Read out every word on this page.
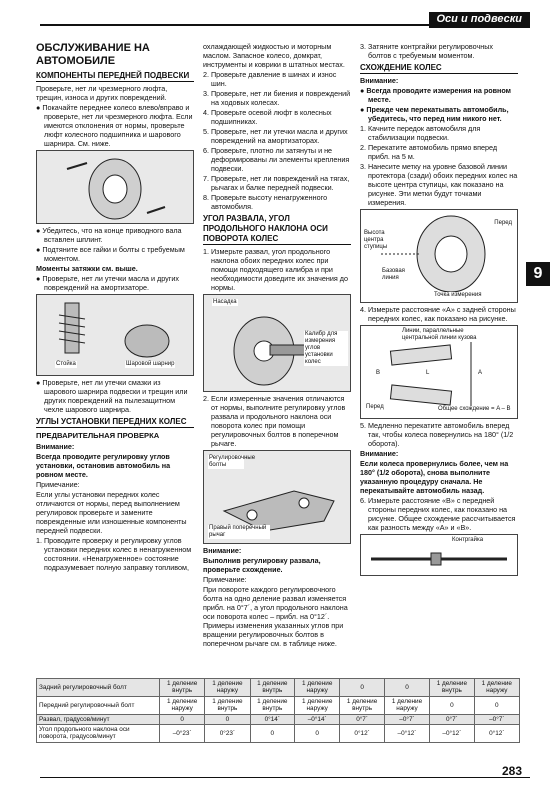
Оси и подвески
9
ОБСЛУЖИВАНИЕ НА АВТОМОБИЛЕ
КОМПОНЕНТЫ ПЕРЕДНЕЙ ПОДВЕСКИ

Проверьте, нет ли чрезмерного люфта, трещин, износа и других повреждений.

● Покачайте переднее колесо влево/вправо и проверьте, нет ли чрезмерного люфта. Если имеются отклонения от нормы, проверьте люфт колесного подшипника и шарового шарнира. См. ниже.

● Убедитесь, что на конце приводного вала вставлен шплинт.

● Подтяните все гайки и болты с требуемым моментом.

Моменты затяжки см. выше.

● Проверьте, нет ли утечки масла и других повреждений на амортизаторе.

Стойка	Шаровой шарнир

● Проверьте, нет ли утечки смазки из шарового шарнира подвески и трещин или других повреждений на пылезащитном чехле шарового шарнира.

УГЛЫ УСТАНОВКИ ПЕРЕДНИХ КОЛЕС
ПРЕДВАРИТЕЛЬНАЯ ПРОВЕРКА

Внимание:

Всегда проводите регулировку углов установки, остановив автомобиль на ровном месте.

Примечание:

Если углы установки передних колес отличаются от нормы, перед выполнением регулировок проверьте и замените поврежденные или изношенные компоненты передней подвески.

1. Проводите проверку и регулировку углов установки передних колес в ненагруженном состоянии. «Ненагруженное» состояние подразумевает полную заправку топливом,

охлаждающей жидкостью и моторным маслом. Запасное колесо, домкрат, инструменты и коврики в штатных местах.

2. Проверьте давление в шинах и износ шин.

3. Проверьте, нет ли биения и повреждений на ходовых колесах.

4. Проверьте осевой люфт в колесных подшипниках.

5. Проверьте, нет ли утечки масла и других повреждений на амортизаторах.

6. Проверьте, плотно ли затянуты и не деформированы ли элементы крепления подвески.

7. Проверьте, нет ли повреждений на тягах, рычагах и балке передней подвески.

8. Проверьте высоту ненагруженного автомобиля.

УГОЛ РАЗВАЛА, УГОЛ ПРОДОЛЬНОГО НАКЛОНА ОСИ ПОВОРОТА КОЛЕС

1. Измерьте развал, угол продольного наклона обоих передних колес при помощи подходящего калибра и при необходимости доведите их значения до нормы.

Насадка
Калибр для измерения углов установки колес

2. Если измеренные значения отличаются от нормы, выполните регулировку углов развала и продольного наклона оси поворота колес при помощи регулировочных болтов в поперечном рычаге.

Регулировочные болты
Правый поперечный рычаг

Внимание:

Выполнив регулировку развала, проверьте схождение.

Примечание:

При повороте каждого регулировочного болта на одно деление развал изменяется прибл. на 0°7´, а угол продольного наклона оси поворота колес – прибл. на 0°12´. Примеры изменения указанных углов при вращении регулировочных болтов в поперечном рычаге см. в таблице ниже.

3. Затяните контргайки регулировочных болтов с требуемым моментом.

СХОЖДЕНИЕ КОЛЕС

Внимание:

● Всегда проводите измерения на ровном месте.

● Прежде чем перекатывать автомобиль, убедитесь, что перед ним никого нет.

1. Качните передок автомобиля для стабилизации подвески.

2. Перекатите автомобиль прямо вперед прибл. на 5 м.

3. Нанесите метку на уровне базовой линии протектора (сзади) обоих передних колес на высоте центра ступицы, как показано на рисунке. Эти метки будут точками измерения.

Перед
Высота центра ступицы
Базовая линия
Точка измерения

4. Измерьте расстояние «А» с задней стороны передних колес, как показано на рисунке.

Линии, параллельные центральной линии кузова
L	A
B
Перед	Общее схождение = A – B

5. Медленно перекатите автомобиль вперед так, чтобы колеса повернулись на 180° (1/2 оборота).

Внимание:

Если колеса провернулись более, чем на 180° (1/2 оборота), снова выполните указанную процедуру сначала. Не перекатывайте автомобиль назад.

6. Измерьте расстояние «В» с передней стороны передних колес, как показано на рисунке. Общее схождение рассчитывается как разность между «А» и «В».

Контргайка
Задний регулировочный болт	1 деление внутрь	1 деление наружу	1 деление внутрь	1 деление наружу	0	0	1 деление внутрь	1 деление наружу
Передний регулировочный болт	1 деление наружу	1 деление внутрь	1 деление внутрь	1 деление наружу	1 деление внутрь	1 деление наружу	0	0
Развал, градусов/минут	0	0	0°14´	–0°14´	0°7´	–0°7´	0°7´	–0°7´
Угол продольного наклона оси поворота, градусов/минут	–0°23´	0°23´	0	0	0°12´	–0°12´	–0°12´	0°12´
283
